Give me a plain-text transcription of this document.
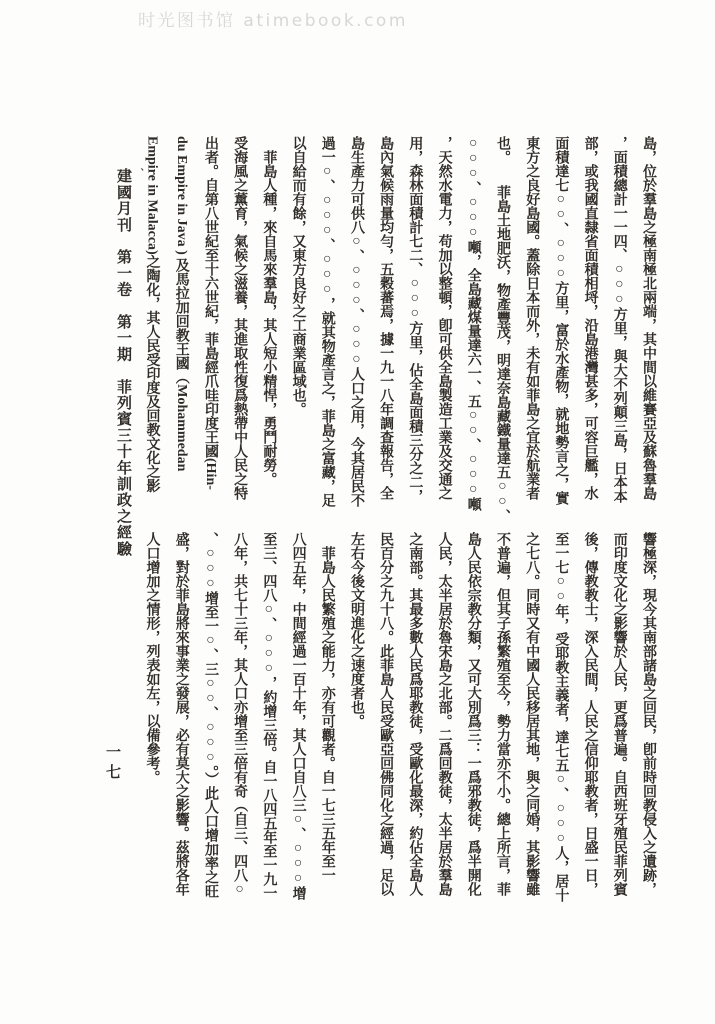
时光图书馆 atimebook.com
島，位於羣島之極南極北兩端，其中間以維賽亞及蘇魯羣島
，面積總計一一四、○○○方里，與大不列顛三島，日本本
部，或我國直隸省面積相埒，沿島港灣甚多，可容巨艦，水
面積達七○○、○○○方里，富於水產物，就地勢言之，實
東方之良好島國。蓋除日本而外，未有如菲島之宜於航業者
也。　　菲島土地肥沃，物產豐茂，明達奈島藏鐵量達五○○、
○○○、○○○噸，全島藏煤量達六一、五○○、○○○噸
，天然水電力，苟加以整頓，卽可供全島製造工業及交通之
用，森林面積計七二、○○○方里，佔全島面積三分之二，
島內氣候雨量均勻，五穀蕃焉，據一九一八年調查報告，全
島生產力可供八○、○○○、○○○人口之用，今其居民不
過一○、○○○、○○○，就其物產言之，菲島之富藏，足
以自給而有餘，又東方良好之工商業區域也。
　菲島人種，來自馬來羣島，其人短小精悍，勇鬥耐勞。
受海風之薰育，氣候之滋養，其進取性復爲熱帶中人民之特
出者。自第八世紀至十六世紀，菲島經爪哇印度王國(Hin-
du Empire in Java ) 及馬拉加回教王國（Mohammedan
Empire in Malacca)之陶化，其人民受印度及回教文化之影
響極深，現今其南部諸島之回民，卽前時回教侵入之遺跡，
而印度文化之影響於人民，更爲普遍。自西班牙殖民菲列賓
後，傳教教士，深入民間，人民之信仰耶教者，日盛一日，
至一七○○年，受耶教主義者，達七五○、○○○人，居十
之七八。同時又有中國人民移居其地，與之同婚，其影響雖
不普遍，但其子孫繁殖至今，勢力當亦不小。總上所言，菲
島人民依宗教分類，又可大別爲三：一爲邪教徒，爲半開化
人民，太半居於魯宋島之北部。二爲回教徒，太半居於羣島
之南部。其最多數人民爲耶教徒，受歐化最深，約佔全島人
民百分之九十八。此菲島人民受歐亞回佛同化之經過，足以
左右今後文明進化之速度者也。
　菲島人民繁殖之能力，亦有可觀者。自一七三五年至一
八四五年，中間經過一百十年，其人口自八三○、○○○增
至三、四八○、○○○，約增三倍。自一八四五年至一九一
八年，共七十三年，其人口亦增至三倍有奇（自三、四八○
、○○○增至一○、三○○、○○○。）此人口增加率之旺
盛，對於菲島將來事業之發展，必有莫大之影響。茲將各年
人口增加之情形，列表如左，以備參考。
、
建國月刊　第一卷　第一期　菲列賓三十年訓政之經驗
一七
